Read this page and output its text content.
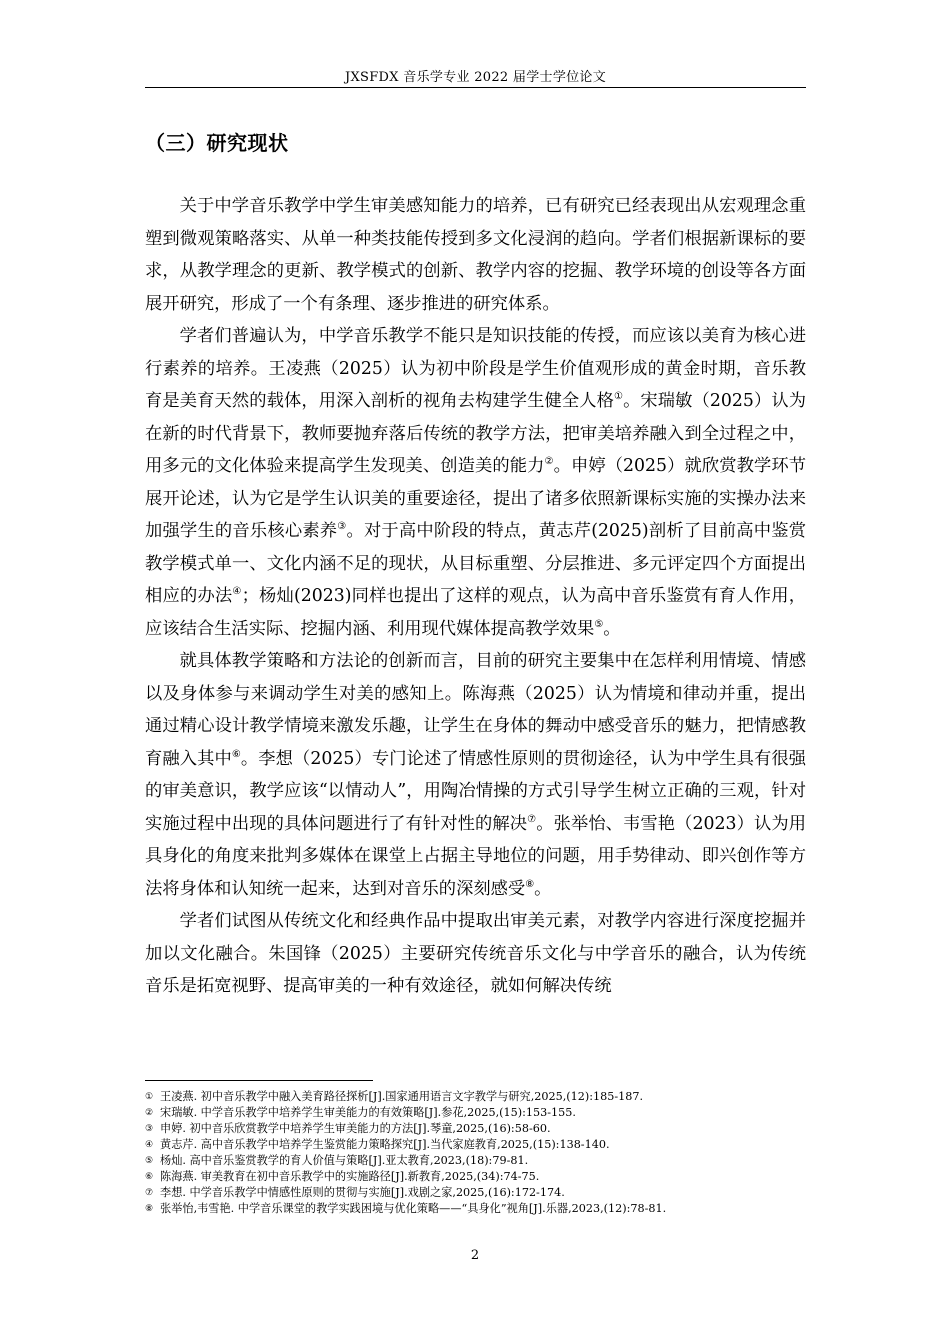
JXSFDX 音乐学专业 2022 届学士学位论文
（三）研究现状

关于中学音乐教学中学生审美感知能力的培养，已有研究已经表现出从宏观理念重塑到微观策略落实、从单一种类技能传授到多文化浸润的趋向。学者们根据新课标的要求，从教学理念的更新、教学模式的创新、教学内容的挖掘、教学环境的创设等各方面展开研究，形成了一个有条理、逐步推进的研究体系。

学者们普遍认为，中学音乐教学不能只是知识技能的传授，而应该以美育为核心进行素养的培养。王凌燕（2025）认为初中阶段是学生价值观形成的黄金时期，音乐教育是美育天然的载体，用深入剖析的视角去构建学生健全人格①。宋瑞敏（2025）认为在新的时代背景下，教师要抛弃落后传统的教学方法，把审美培养融入到全过程之中，用多元的文化体验来提高学生发现美、创造美的能力②。申婷（2025）就欣赏教学环节展开论述，认为它是学生认识美的重要途径，提出了诸多依照新课标实施的实操办法来加强学生的音乐核心素养③。对于高中阶段的特点，黄志芹(2025)剖析了目前高中鉴赏教学模式单一、文化内涵不足的现状，从目标重塑、分层推进、多元评定四个方面提出相应的办法④；杨灿(2023)同样也提出了这样的观点，认为高中音乐鉴赏有育人作用，应该结合生活实际、挖掘内涵、利用现代媒体提高教学效果⑤。

就具体教学策略和方法论的创新而言，目前的研究主要集中在怎样利用情境、情感以及身体参与来调动学生对美的感知上。陈海燕（2025）认为情境和律动并重，提出通过精心设计教学情境来激发乐趣，让学生在身体的舞动中感受音乐的魅力，把情感教育融入其中⑥。李想（2025）专门论述了情感性原则的贯彻途径，认为中学生具有很强的审美意识，教学应该“以情动人”，用陶冶情操的方式引导学生树立正确的三观，针对实施过程中出现的具体问题进行了有针对性的解决⑦。张举怡、韦雪艳（2023）认为用具身化的角度来批判多媒体在课堂上占据主导地位的问题，用手势律动、即兴创作等方法将身体和认知统一起来，达到对音乐的深刻感受⑧。

学者们试图从传统文化和经典作品中提取出审美元素，对教学内容进行深度挖掘并加以文化融合。朱国锋（2025）主要研究传统音乐文化与中学音乐的融合，认为传统音乐是拓宽视野、提高审美的一种有效途径，就如何解决传统

① 王凌燕. 初中音乐教学中融入美育路径探析[J].国家通用语言文字教学与研究,2025,(12):185-187.
② 宋瑞敏. 中学音乐教学中培养学生审美能力的有效策略[J].参花,2025,(15):153-155.
③ 申婷. 初中音乐欣赏教学中培养学生审美能力的方法[J].琴童,2025,(16):58-60.
④ 黄志芹. 高中音乐教学中培养学生鉴赏能力策略探究[J].当代家庭教育,2025,(15):138-140.
⑤ 杨灿. 高中音乐鉴赏教学的育人价值与策略[J].亚太教育,2023,(18):79-81.
⑥ 陈海燕. 审美教育在初中音乐教学中的实施路径[J].新教育,2025,(34):74-75.
⑦ 李想. 中学音乐教学中情感性原则的贯彻与实施[J].戏剧之家,2025,(16):172-174.
⑧ 张举怡,韦雪艳. 中学音乐课堂的教学实践困境与优化策略——“具身化”视角[J].乐器,2023,(12):78-81.
2
